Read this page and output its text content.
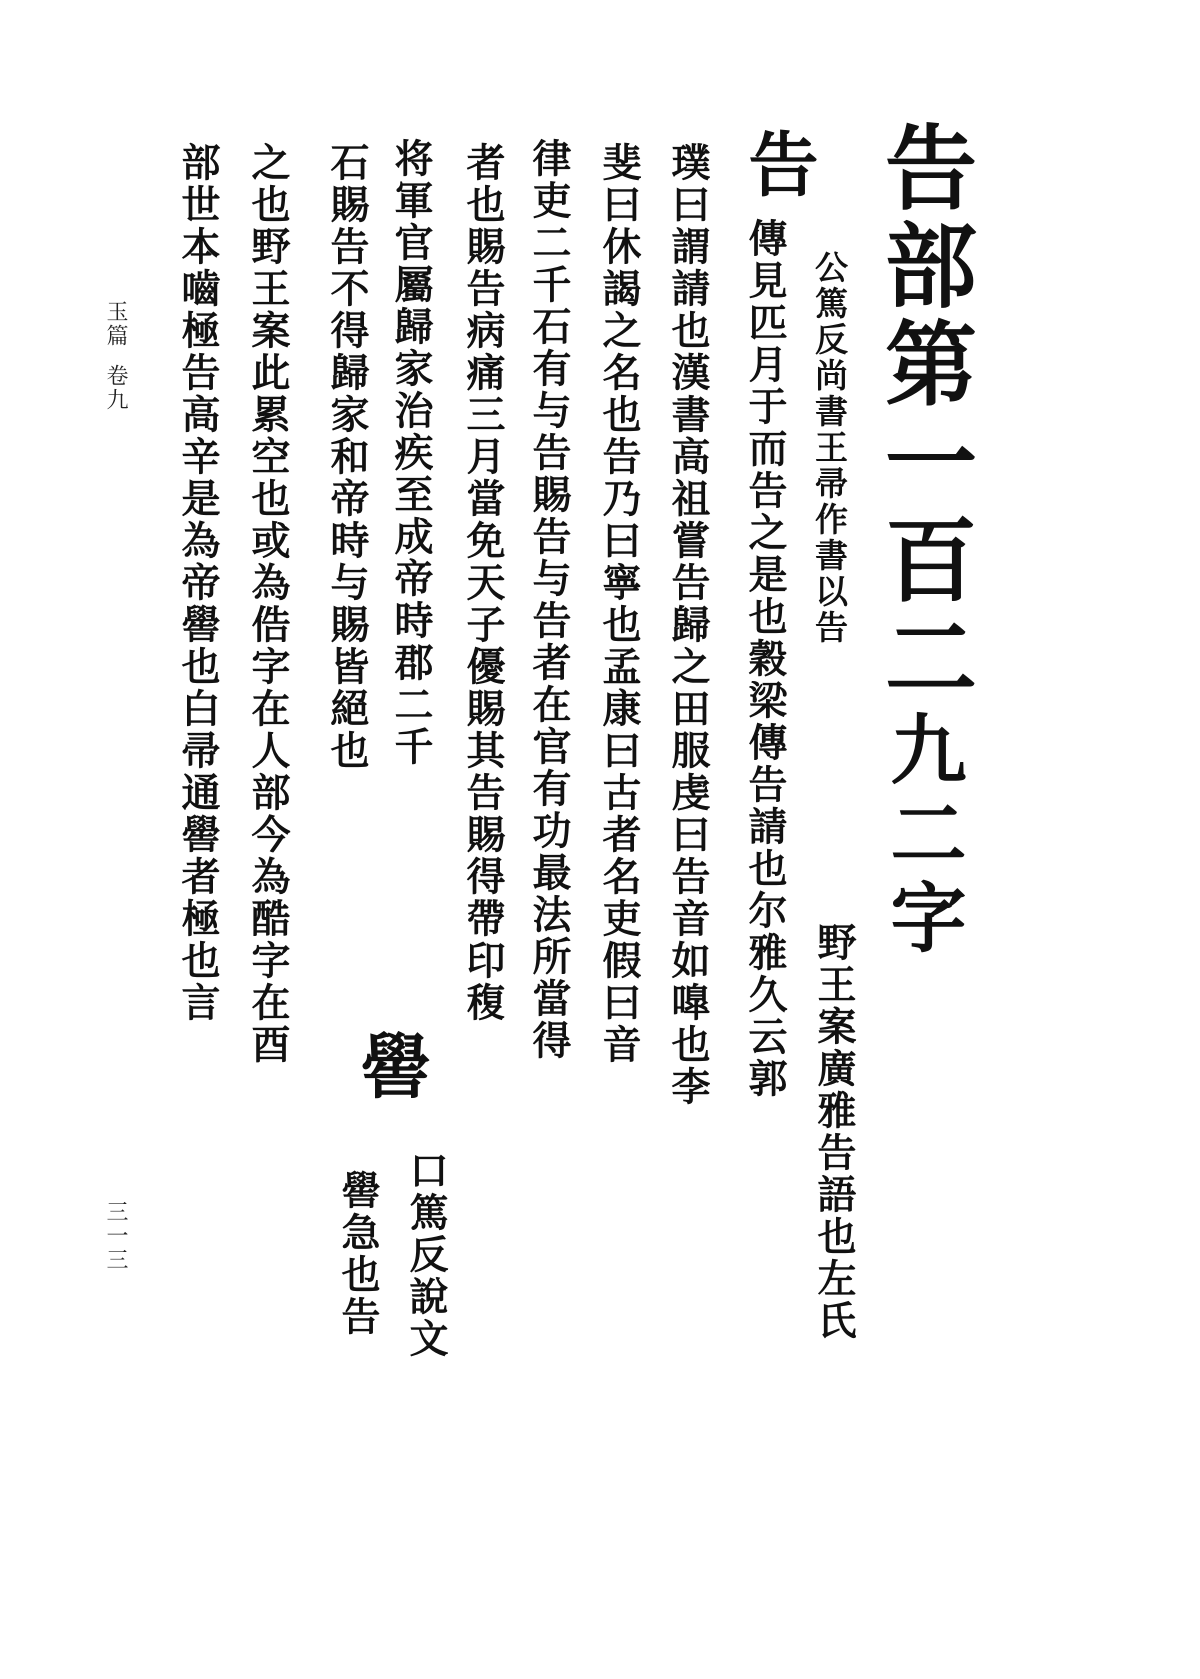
玉篇卷九
三一三
告部第一百二
九二字
告
公篤反尚書王帚作書以告
野王案廣雅告語也左氏
傳見匹月于而告之是也穀梁傳告請也尔雅久云郭
璞曰謂請也漢書高祖嘗告歸之田服虔曰告音如嘷也李
斐曰休謁之名也告乃曰寧也孟康曰古者名吏假曰音
律吏二千石有与告賜告与告者在官有功最法所當得
者也賜告病痛三月當免天子優賜其告賜得帶印稪
将軍官屬歸家治疾至成帝時郡二千
石賜告不得歸家和帝時与賜皆絕也
嚳
口篤反說文
嚳急也告
之也野王案此累空也或為俈字在人部今為酷字在酉
部世本嚙極告高辛是為帝嚳也白帚通嚳者極也言
